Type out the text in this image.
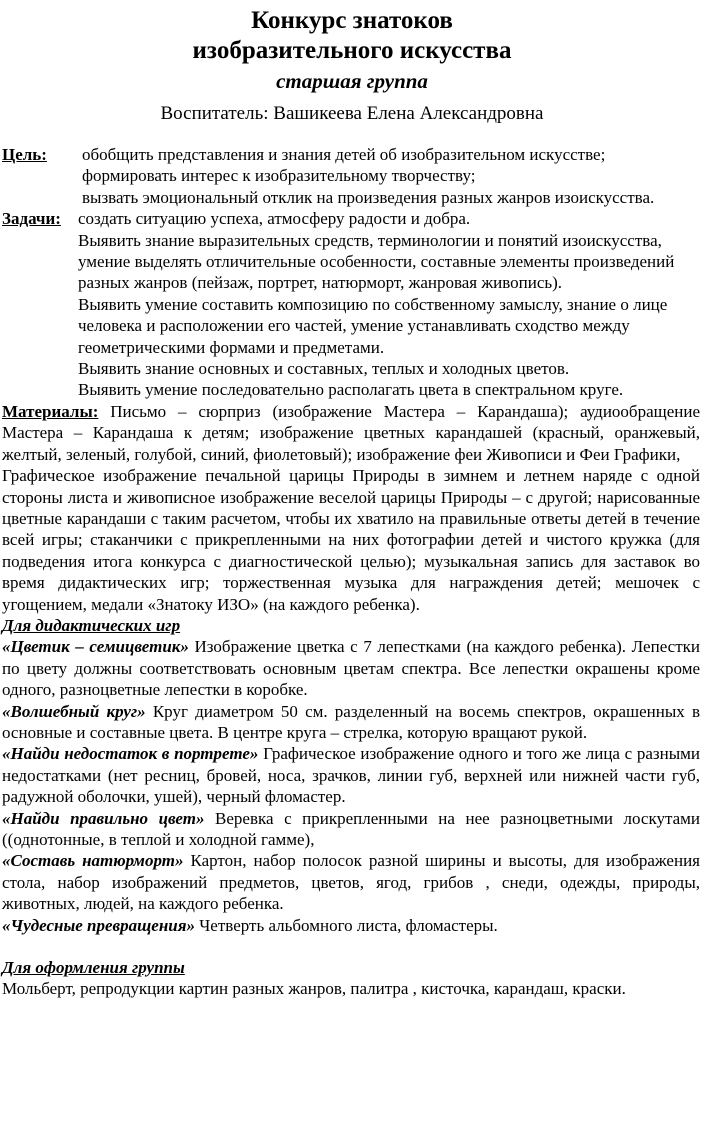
Конкурс знатоков
изобразительного искусства
старшая группа
Воспитатель: Вашикеева Елена Александровна
Цель:	обобщить представления и знания детей об изобразительном искусстве;

формировать интерес к изобразительному творчеству;

вызвать эмоциональный отклик на произведения разных жанров изоискусства.

Задачи:	создать ситуацию успеха, атмосферу радости и добра.

Выявить знание выразительных средств, терминологии и понятий изоискусства, умение выделять отличительные особенности, составные элементы произведений разных жанров (пейзаж, портрет, натюрморт, жанровая живопись).

Выявить умение составить композицию по собственному замыслу, знание о лице человека и расположении его частей, умение устанавливать сходство между геометрическими формами и предметами.

Выявить знание основных и составных, теплых и холодных цветов.

Выявить умение последовательно располагать цвета в спектральном круге.

Материалы: Письмо – сюрприз (изображение Мастера – Карандаша); аудиообращение Мастера – Карандаша к детям; изображение цветных карандашей (красный, оранжевый, желтый, зеленый, голубой, синий, фиолетовый); изображение феи Живописи и Феи Графики,

Графическое изображение печальной царицы Природы в зимнем и летнем наряде с одной стороны листа и живописное изображение веселой царицы Природы – с другой; нарисованные цветные карандаши с таким расчетом, чтобы их хватило на правильные ответы детей в течение всей игры; стаканчики с прикрепленными на них фотографии детей и чистого кружка (для подведения итога конкурса с диагностической целью); музыкальная запись для заставок во время дидактических игр; торжественная музыка для награждения детей; мешочек с угощением, медали «Знатоку ИЗО» (на каждого ребенка).

Для дидактических игр

«Цветик – семицветик» Изображение цветка с 7 лепестками (на каждого ребенка). Лепестки по цвету должны соответствовать основным цветам спектра. Все лепестки окрашены кроме одного, разноцветные лепестки в коробке.

«Волшебный круг» Круг диаметром 50 см. разделенный на восемь спектров, окрашенных в основные и составные цвета. В центре круга – стрелка, которую вращают рукой.

«Найди недостаток в портрете» Графическое изображение одного и того же лица с разными недостатками (нет ресниц, бровей, носа, зрачков, линии губ, верхней или нижней части губ, радужной оболочки, ушей), черный фломастер.

«Найди правильно цвет» Веревка с прикрепленными на нее разноцветными лоскутами ((однотонные, в теплой и холодной гамме),

«Составь натюрморт» Картон, набор полосок разной ширины и высоты, для изображения стола, набор изображений предметов, цветов, ягод, грибов , снеди, одежды, природы, животных, людей, на каждого ребенка.

«Чудесные превращения» Четверть альбомного листа, фломастеры.

Для оформления группы

Мольберт, репродукции картин разных жанров, палитра , кисточка, карандаш, краски.
